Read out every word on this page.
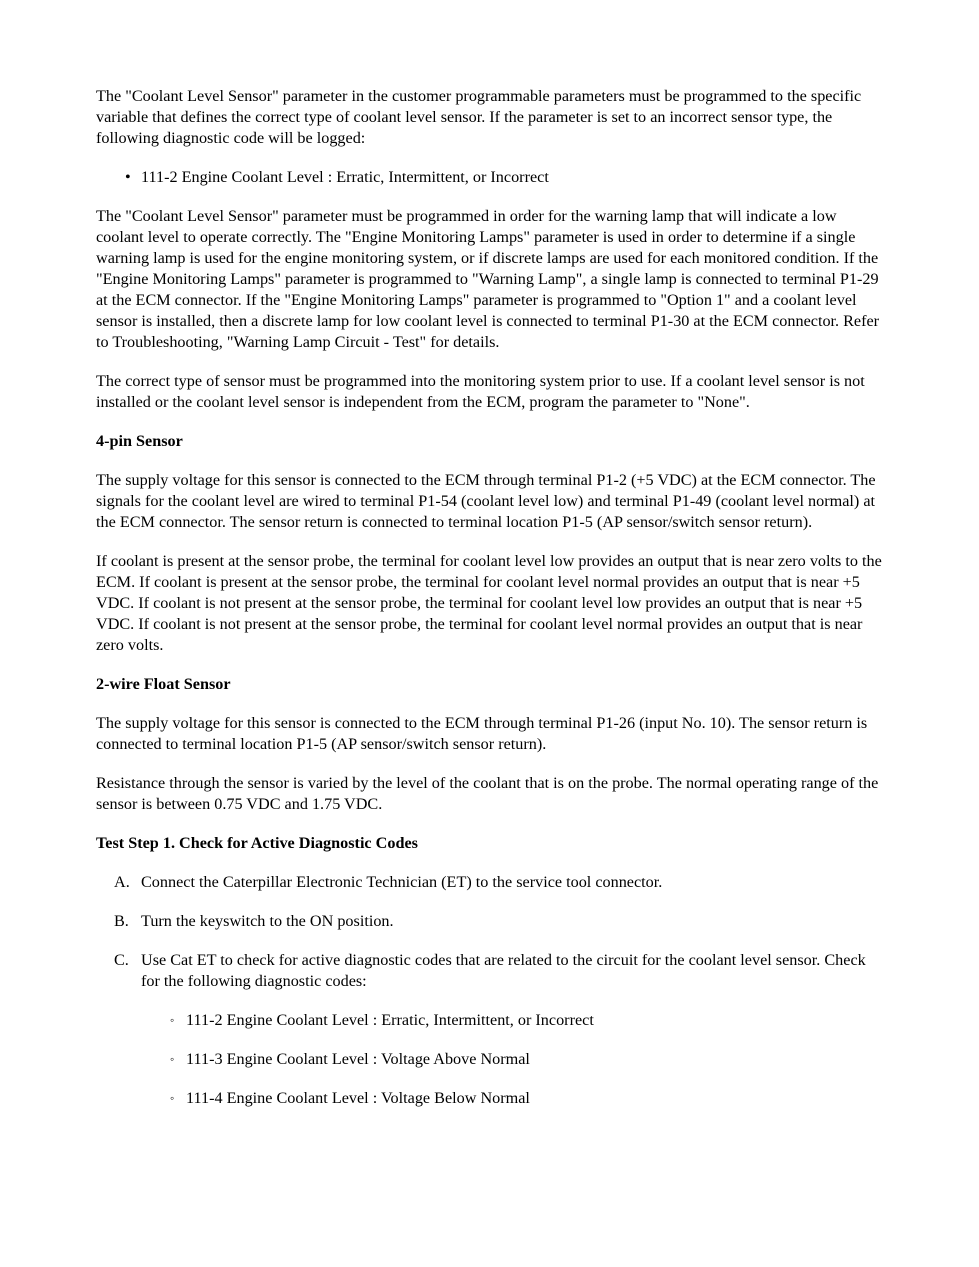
The "Coolant Level Sensor" parameter in the customer programmable parameters must be programmed to the specific variable that defines the correct type of coolant level sensor. If the parameter is set to an incorrect sensor type, the following diagnostic code will be logged:

• 111-2 Engine Coolant Level : Erratic, Intermittent, or Incorrect

The "Coolant Level Sensor" parameter must be programmed in order for the warning lamp that will indicate a low coolant level to operate correctly. The "Engine Monitoring Lamps" parameter is used in order to determine if a single warning lamp is used for the engine monitoring system, or if discrete lamps are used for each monitored condition. If the "Engine Monitoring Lamps" parameter is programmed to "Warning Lamp", a single lamp is connected to terminal P1-29 at the ECM connector. If the "Engine Monitoring Lamps" parameter is programmed to "Option 1" and a coolant level sensor is installed, then a discrete lamp for low coolant level is connected to terminal P1-30 at the ECM connector. Refer to Troubleshooting, "Warning Lamp Circuit - Test" for details.

The correct type of sensor must be programmed into the monitoring system prior to use. If a coolant level sensor is not installed or the coolant level sensor is independent from the ECM, program the parameter to "None".

4-pin Sensor

The supply voltage for this sensor is connected to the ECM through terminal P1-2 (+5 VDC) at the ECM connector. The signals for the coolant level are wired to terminal P1-54 (coolant level low) and terminal P1-49 (coolant level normal) at the ECM connector. The sensor return is connected to terminal location P1-5 (AP sensor/switch sensor return).

If coolant is present at the sensor probe, the terminal for coolant level low provides an output that is near zero volts to the ECM. If coolant is present at the sensor probe, the terminal for coolant level normal provides an output that is near +5 VDC. If coolant is not present at the sensor probe, the terminal for coolant level low provides an output that is near +5 VDC. If coolant is not present at the sensor probe, the terminal for coolant level normal provides an output that is near zero volts.

2-wire Float Sensor

The supply voltage for this sensor is connected to the ECM through terminal P1-26 (input No. 10). The sensor return is connected to terminal location P1-5 (AP sensor/switch sensor return).

Resistance through the sensor is varied by the level of the coolant that is on the probe. The normal operating range of the sensor is between 0.75 VDC and 1.75 VDC.

Test Step 1. Check for Active Diagnostic Codes

A. Connect the Caterpillar Electronic Technician (ET) to the service tool connector.
B. Turn the keyswitch to the ON position.
C. Use Cat ET to check for active diagnostic codes that are related to the circuit for the coolant level sensor. Check for the following diagnostic codes:
◦ 111-2 Engine Coolant Level : Erratic, Intermittent, or Incorrect
◦ 111-3 Engine Coolant Level : Voltage Above Normal
◦ 111-4 Engine Coolant Level : Voltage Below Normal
